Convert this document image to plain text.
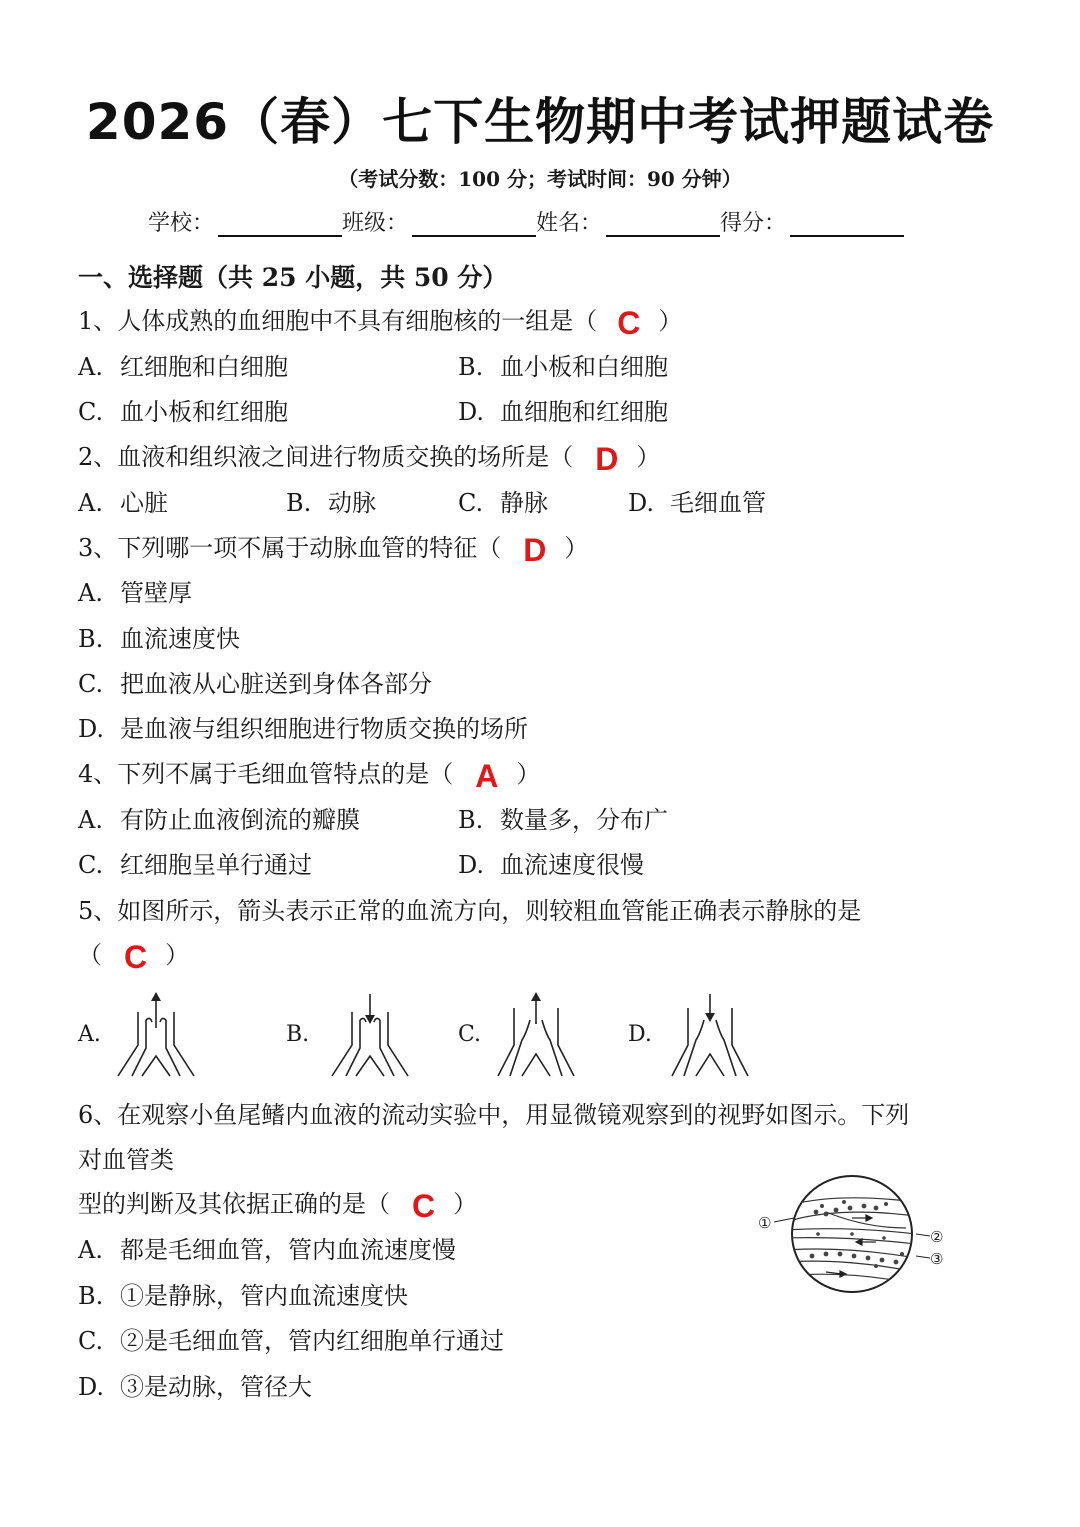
2026（春）七下生物期中考试押题试卷
（考试分数：100 分；考试时间：90 分钟）
学校：	班级：	姓名：	得分：
一、选择题（共 25 小题，共 50 分）
1、人体成熟的血细胞中不具有细胞核的一组是（ C ）
A. 红细胞和白细胞	B. 血小板和白细胞
C. 血小板和红细胞	D. 血细胞和红细胞
2、血液和组织液之间进行物质交换的场所是（ D ）
A. 心脏	B. 动脉	C. 静脉	D. 毛细血管
3、下列哪一项不属于动脉血管的特征（ D ）
A. 管壁厚
B. 血流速度快
C. 把血液从心脏送到身体各部分
D. 是血液与组织细胞进行物质交换的场所
4、下列不属于毛细血管特点的是（ A ）
A. 有防止血液倒流的瓣膜	B. 数量多，分布广
C. 红细胞呈单行通过	D. 血流速度很慢
5、如图所示，箭头表示正常的血流方向，则较粗血管能正确表示静脉的是
（ C ）
A.	B.	C.	D.
6、在观察小鱼尾鳍内血液的流动实验中，用显微镜观察到的视野如图示。下列
对血管类
型的判断及其依据正确的是（ C ）
A. 都是毛细血管，管内血流速度慢
B. ①是静脉，管内血流速度快
C. ②是毛细血管，管内红细胞单行通过
D. ③是动脉，管径大
①
②
③
